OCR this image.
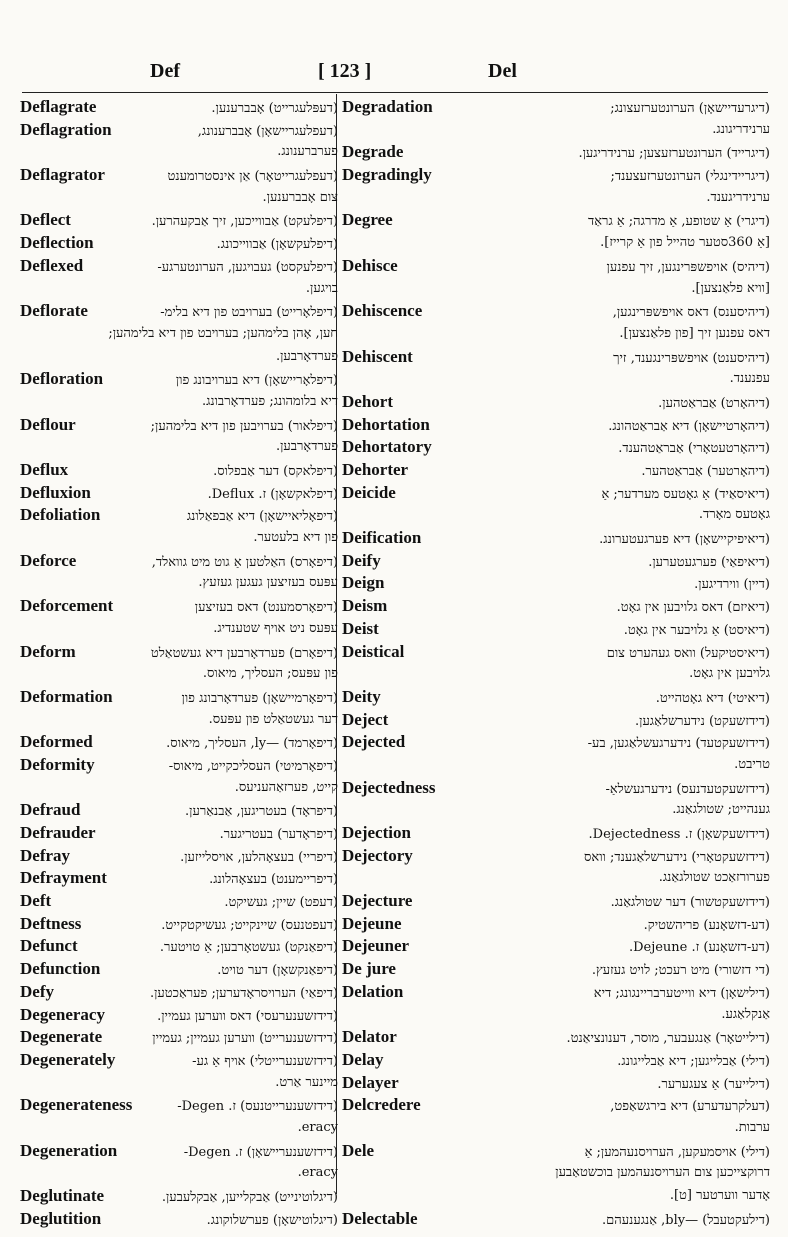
Def	[ 123 ]	Del
Deflagrate	(דעפּלעגרייט) אָבברענען.
Deflagration	(דעפלעגריישאָן) אָבברענונג,
פערברענונג.
Deflagrator	(דעפלעגרייטאָר) אַן אינסטרומענט
צום אָבברענען.
Deflect	(דיפלעקט) אַבווייכען, זיך אַבקעהרען.
Deflection	(דיפלעקשאָן) אַבווייכונג.
Deflexed	(דיפלעקסט) געבויגען, הערונטערגע-
בויגען.
Deflorate	(דיפלאָרייט) בערויבט פון דיא בלימ-
חען, אָהן בלימהען; בערויבט פון דיא בלימהען;
פערדאָרבען.
Defloration	(דיפלאָריישאָן) דיא בערויבונג פון
דיא בלומהונג; פערדאָרבונג.
Deflour	(דיפלאור) בערויבען פון דיא בלימהען;
פערדאָרבען.
Deflux	(דיפלאקס) דער אַבפלוס.
Defluxion	(דיפלאקשאָן) ז. Deflux.
Defoliation	(דיפאָליאיישאָן) דיא אַבפאַלונג
פון דיא בלעטער.
Deforce	(דיפאָרס) האַלטען אַ גוט מיט גוואלד,
עפּעס בעזיצען געגען געזעץ.
Deforcement	(דיפאָרסמענט) דאס בעזיצען
עפּעס ניט אויף שטענדיג.
Deform	(דיפאָרם) פערדאָרבען דיא געשטאַלט
פון עפּעס; העסליך, מיאוס.
Deformation	(דיפאָרמיישאָן) פערדאָרבונג פון
דער געשטאַלט פון עפּעס.
Deformed	(דיפאָרמד) —ly, העסליך, מיאוס.
Deformity	(דיפאָרמיטי) העסליכקייט, מיאוס-
קייט, פערזאַהעניעס.
Defraud	(דיפראָד) בעטריגען, אַבנאַרען.
Defrauder	(דיפראָדער) בעטריגער.
Defray	(דיפריי) בעצאָהלען, אויסלייזען.
Defrayment	(דיפריימענט) בעצאָהלונג.
Deft	(דעפט) שיין; געשיקט.
Deftness	(דעפטנעס) שיינקייט; געשיקטקייט.
Defunct	(דיפאַנקט) געשטאָרבען; אַ טויטער.
Defunction	(דיפאַנקשאָן) דער טויט.
Defy	(דיפאַי) הערויסראָדערען; פעראַכטען.
Degeneracy	(דידזשענערעסי) דאס ווערען געמיין.
Degenerate	(דידזשענערייט) ווערען געמיין; געמיין
Degenerately	(דידזשענערייטלי) אויף אַ גע-
מיינער אַרט.
Degenerateness	(דידזשענערייטנעס) ז. Degen-
eracy.
Degeneration	(דידזשענעריישאָן) ז. Degen-
eracy.
Deglutinate	(דיגלוטינייט) אַבקלייען, אַבקלעבען.
Deglutition	(דיגלוטישאָן) פערשלוקונג.
Degradation	(דיגרעדיישאָן) הערונטערזעצונג;
ערנידריגונג.
Degrade	(דיגרייד) הערונטערזעצען; ערנידריגען.
Degradingly	(דיגריידינגלי) הערונטערזעצענד;
ערנידריגענד.
Degree	(דיגרי) אַ שטופע, אַ מדרגה; אַ גראַד
[אַ 360סטער טהייל פון אַ קרייז].
Dehisce	(דיהיס) אויפשפּרינגען, זיך עפנען
[וויא פלאַנצען].
Dehiscence	(דיהיסענס) דאס אויפשפּרינגען,
דאס עפנען זיך [פון פלאַנצען].
Dehiscent	(דיהיסענט) אויפשפּרינגענד, זיך
עפנענד.
Dehort	(דיהאָרט) אַבראַטהען.
Dehortation	(דיהאָרטיישאָן) דיא אַבראַטהונג.
Dehortatory	(דיהאָרטעטאָרי) אַבראַטהענד.
Dehorter	(דיהאָרטער) אַבראַטהער.
Deicide	(דיאיסאַיד) אַ גאָטעס מערדער; אַ
גאָטעס מאָרד.
Deification	(דיאיפיקיישאָן) דיא פערגעטערונג.
Deify	(דיאיפאַי) פערגעטערען.
Deign	(דיין) ווירדיגען.
Deism	(דיאיזם) דאס גלויבען אין גאָט.
Deist	(דיאיסט) אַ גלויבער אין גאָט.
Deistical	(דיאיסטיקעל) וואס געהערט צום
גלויבען אין גאָט.
Deity	(דיאיטי) דיא גאָטהייט.
Deject	(דידזשעקט) נידערשלאַגען.
Dejected	(דידזשעקטעד) נידערגעשלאַגען, בע-
טריבט.
Dejectedness	(דידזשעקטעדנעס) נידערגעשלאַ-
גענהייט; שטולגאַנג.
Dejection	(דידזשעקשאָן) ז. Dejectedness.
Dejectory	(דידזשעקטאָרי) נידערשלאַגענד; וואס
פערורזאַכט שטולגאַנג.
Dejecture	(דידזשעקטשור) דער שטולגאַנג.
Dejeune	(דע-דזשאָנע) פריהשטיק.
Dejeuner	(דע-דזשאָנע) ז. Dejeune.
De jure	(די דזשורי) מיט רעכט; לויט געזעץ.
Delation	(דילישאָן) דיא ווייטערבריינגונג; דיא
אַנקלאַגע.
Delator	(דילייטאָר) אַנגעבער, מוסר, דענונציאַנט.
Delay	(דילי) אַבלייגען; דיא אַבלייגונג.
Delayer	(דילייער) אַ צעגערער.
Delcredere	(דעלקרעדערע) דיא בירגשאַפט,
ערבות.
Dele	(דילי) אויסמעקען, הערויסנעהמען; אַ
דרוקצייכען צום הערויסנעהמען בוכשטאַבען
אָדער ווערטער [ט].
Delectable	(דילעקטעבל) —bly, אַנגענעהם.
